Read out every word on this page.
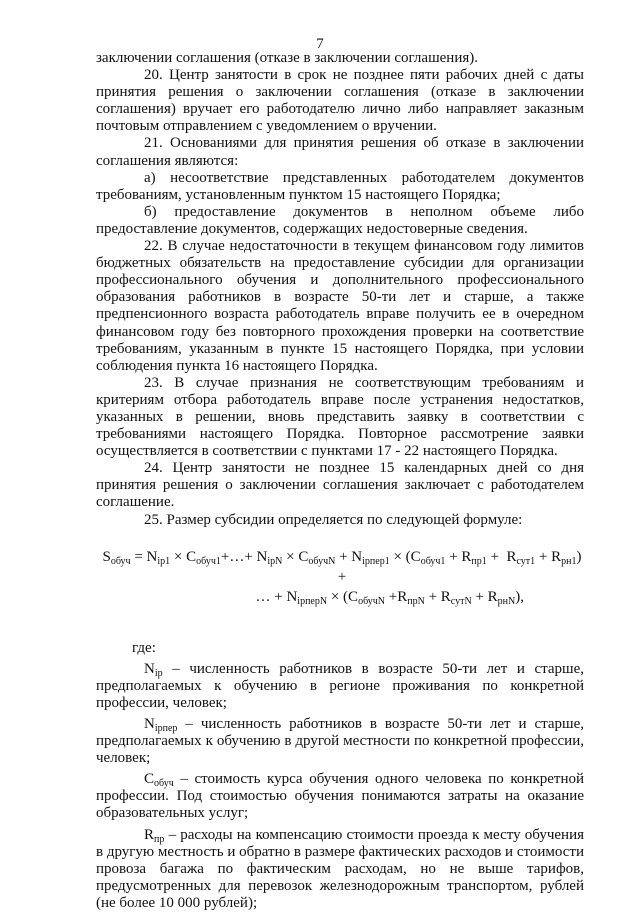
7

заключении соглашения (отказе в заключении соглашения).

20. Центр занятости в срок не позднее пяти рабочих дней с даты принятия решения о заключении соглашения (отказе в заключении соглашения) вручает его работодателю лично либо направляет заказным почтовым отправлением с уведомлением о вручении.

21. Основаниями для принятия решения об отказе в заключении соглашения являются:

а) несоответствие представленных работодателем документов требованиям, установленным пунктом 15 настоящего Порядка;

б) предоставление документов в неполном объеме либо предоставление документов, содержащих недостоверные сведения.

22. В случае недостаточности в текущем финансовом году лимитов бюджетных обязательств на предоставление субсидии для организации профессионального обучения и дополнительного профессионального образования работников в возрасте 50-ти лет и старше, а также предпенсионного возраста работодатель вправе получить ее в очередном финансовом году без повторного прохождения проверки на соответствие требованиям, указанным в пункте 15 настоящего Порядка, при условии соблюдения пункта 16 настоящего Порядка.

23. В случае признания не соответствующим требованиям и критериям отбора работодатель вправе после устранения недостатков, указанных в решении, вновь представить заявку в соответствии с требованиями настоящего Порядка. Повторное рассмотрение заявки осуществляется в соответствии с пунктами 17 - 22 настоящего Порядка.

24. Центр занятости не позднее 15 календарных дней со дня принятия решения о заключении соглашения заключает с работодателем соглашение.

25. Размер субсидии определяется по следующей формуле:

$S_{обуч} = N_{ip1}$ × $C_{обуч1}+\dots+ N_{ipN} \times C_{обучN} + N_{ipпер1} \times (C_{обуч1} + R_{пр1} + R_{сут1} + R_{рн1})$ +
… + $N_{ipперN} \times (C_{обучN} +R_{прN} + R_{сутN} + R_{рнN})$,

где:

$N_{ip}$ – численность работников в возрасте 50-ти лет и старше, предполагаемых к обучению в регионе проживания по конкретной профессии, человек;

$N_{ipпер}$ – численность работников в возрасте 50-ти лет и старше, предполагаемых к обучению в другой местности по конкретной профессии, человек;

$C_{обуч}$ – стоимость курса обучения одного человека по конкретной профессии. Под стоимостью обучения понимаются затраты на оказание образовательных услуг;

$R_{пр}$ – расходы на компенсацию стоимости проезда к месту обучения в другую местность и обратно в размере фактических расходов и стоимости провоза багажа по фактическим расходам, но не выше тарифов, предусмотренных для перевозок железнодорожным транспортом, рублей (не более 10 000 рублей);
